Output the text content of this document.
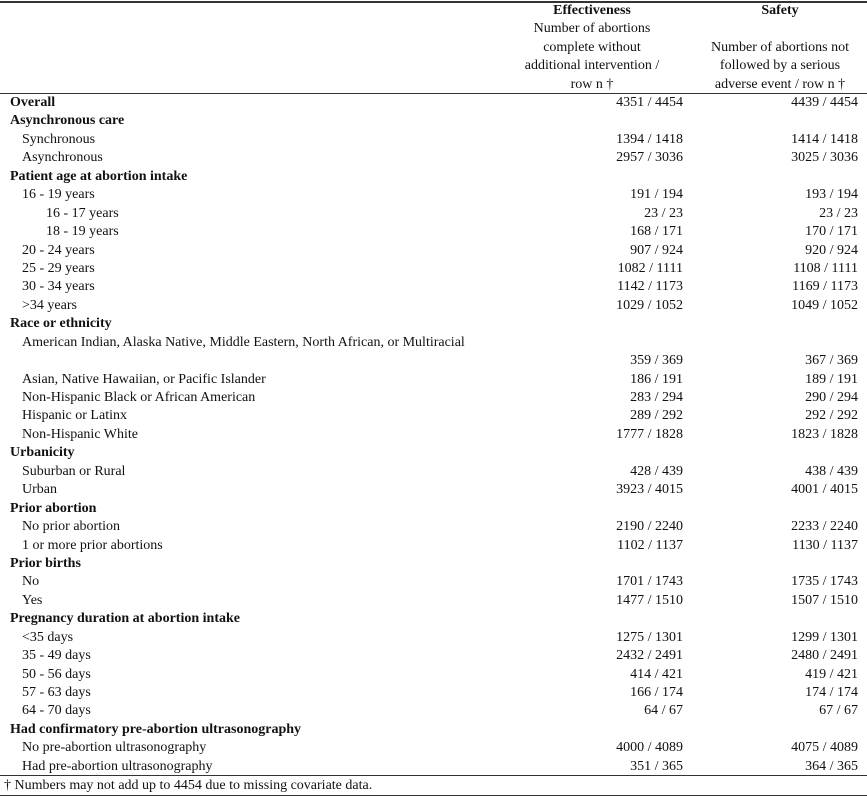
Effectiveness
Number of abortions
complete without
additional intervention /
row n †
Safety
Number of abortions not
followed by a serious
adverse event / row n †
Overall	4351 / 4454	4439 / 4454
Asynchronous care
Synchronous	1394 / 1418	1414 / 1418
Asynchronous	2957 / 3036	3025 / 3036
Patient age at abortion intake
16 - 19 years	191 / 194	193 / 194
16 - 17 years	23 / 23	23 / 23
18 - 19 years	168 / 171	170 / 171
20 - 24 years	907 / 924	920 / 924
25 - 29 years	1082 / 1111	1108 / 1111
30 - 34 years	1142 / 1173	1169 / 1173
>34 years	1029 / 1052	1049 / 1052
Race or ethnicity
American Indian, Alaska Native, Middle Eastern, North African, or Multiracial
359 / 369	367 / 369
Asian, Native Hawaiian, or Pacific Islander	186 / 191	189 / 191
Non-Hispanic Black or African American	283 / 294	290 / 294
Hispanic or Latinx	289 / 292	292 / 292
Non-Hispanic White	1777 / 1828	1823 / 1828
Urbanicity
Suburban or Rural	428 / 439	438 / 439
Urban	3923 / 4015	4001 / 4015
Prior abortion
No prior abortion	2190 / 2240	2233 / 2240
1 or more prior abortions	1102 / 1137	1130 / 1137
Prior births
No	1701 / 1743	1735 / 1743
Yes	1477 / 1510	1507 / 1510
Pregnancy duration at abortion intake
<35 days	1275 / 1301	1299 / 1301
35 - 49 days	2432 / 2491	2480 / 2491
50 - 56 days	414 / 421	419 / 421
57 - 63 days	166 / 174	174 / 174
64 - 70 days	64 / 67	67 / 67
Had confirmatory pre-abortion ultrasonography
No pre-abortion ultrasonography	4000 / 4089	4075 / 4089
Had pre-abortion ultrasonography	351 / 365	364 / 365
† Numbers may not add up to 4454 due to missing covariate data.
